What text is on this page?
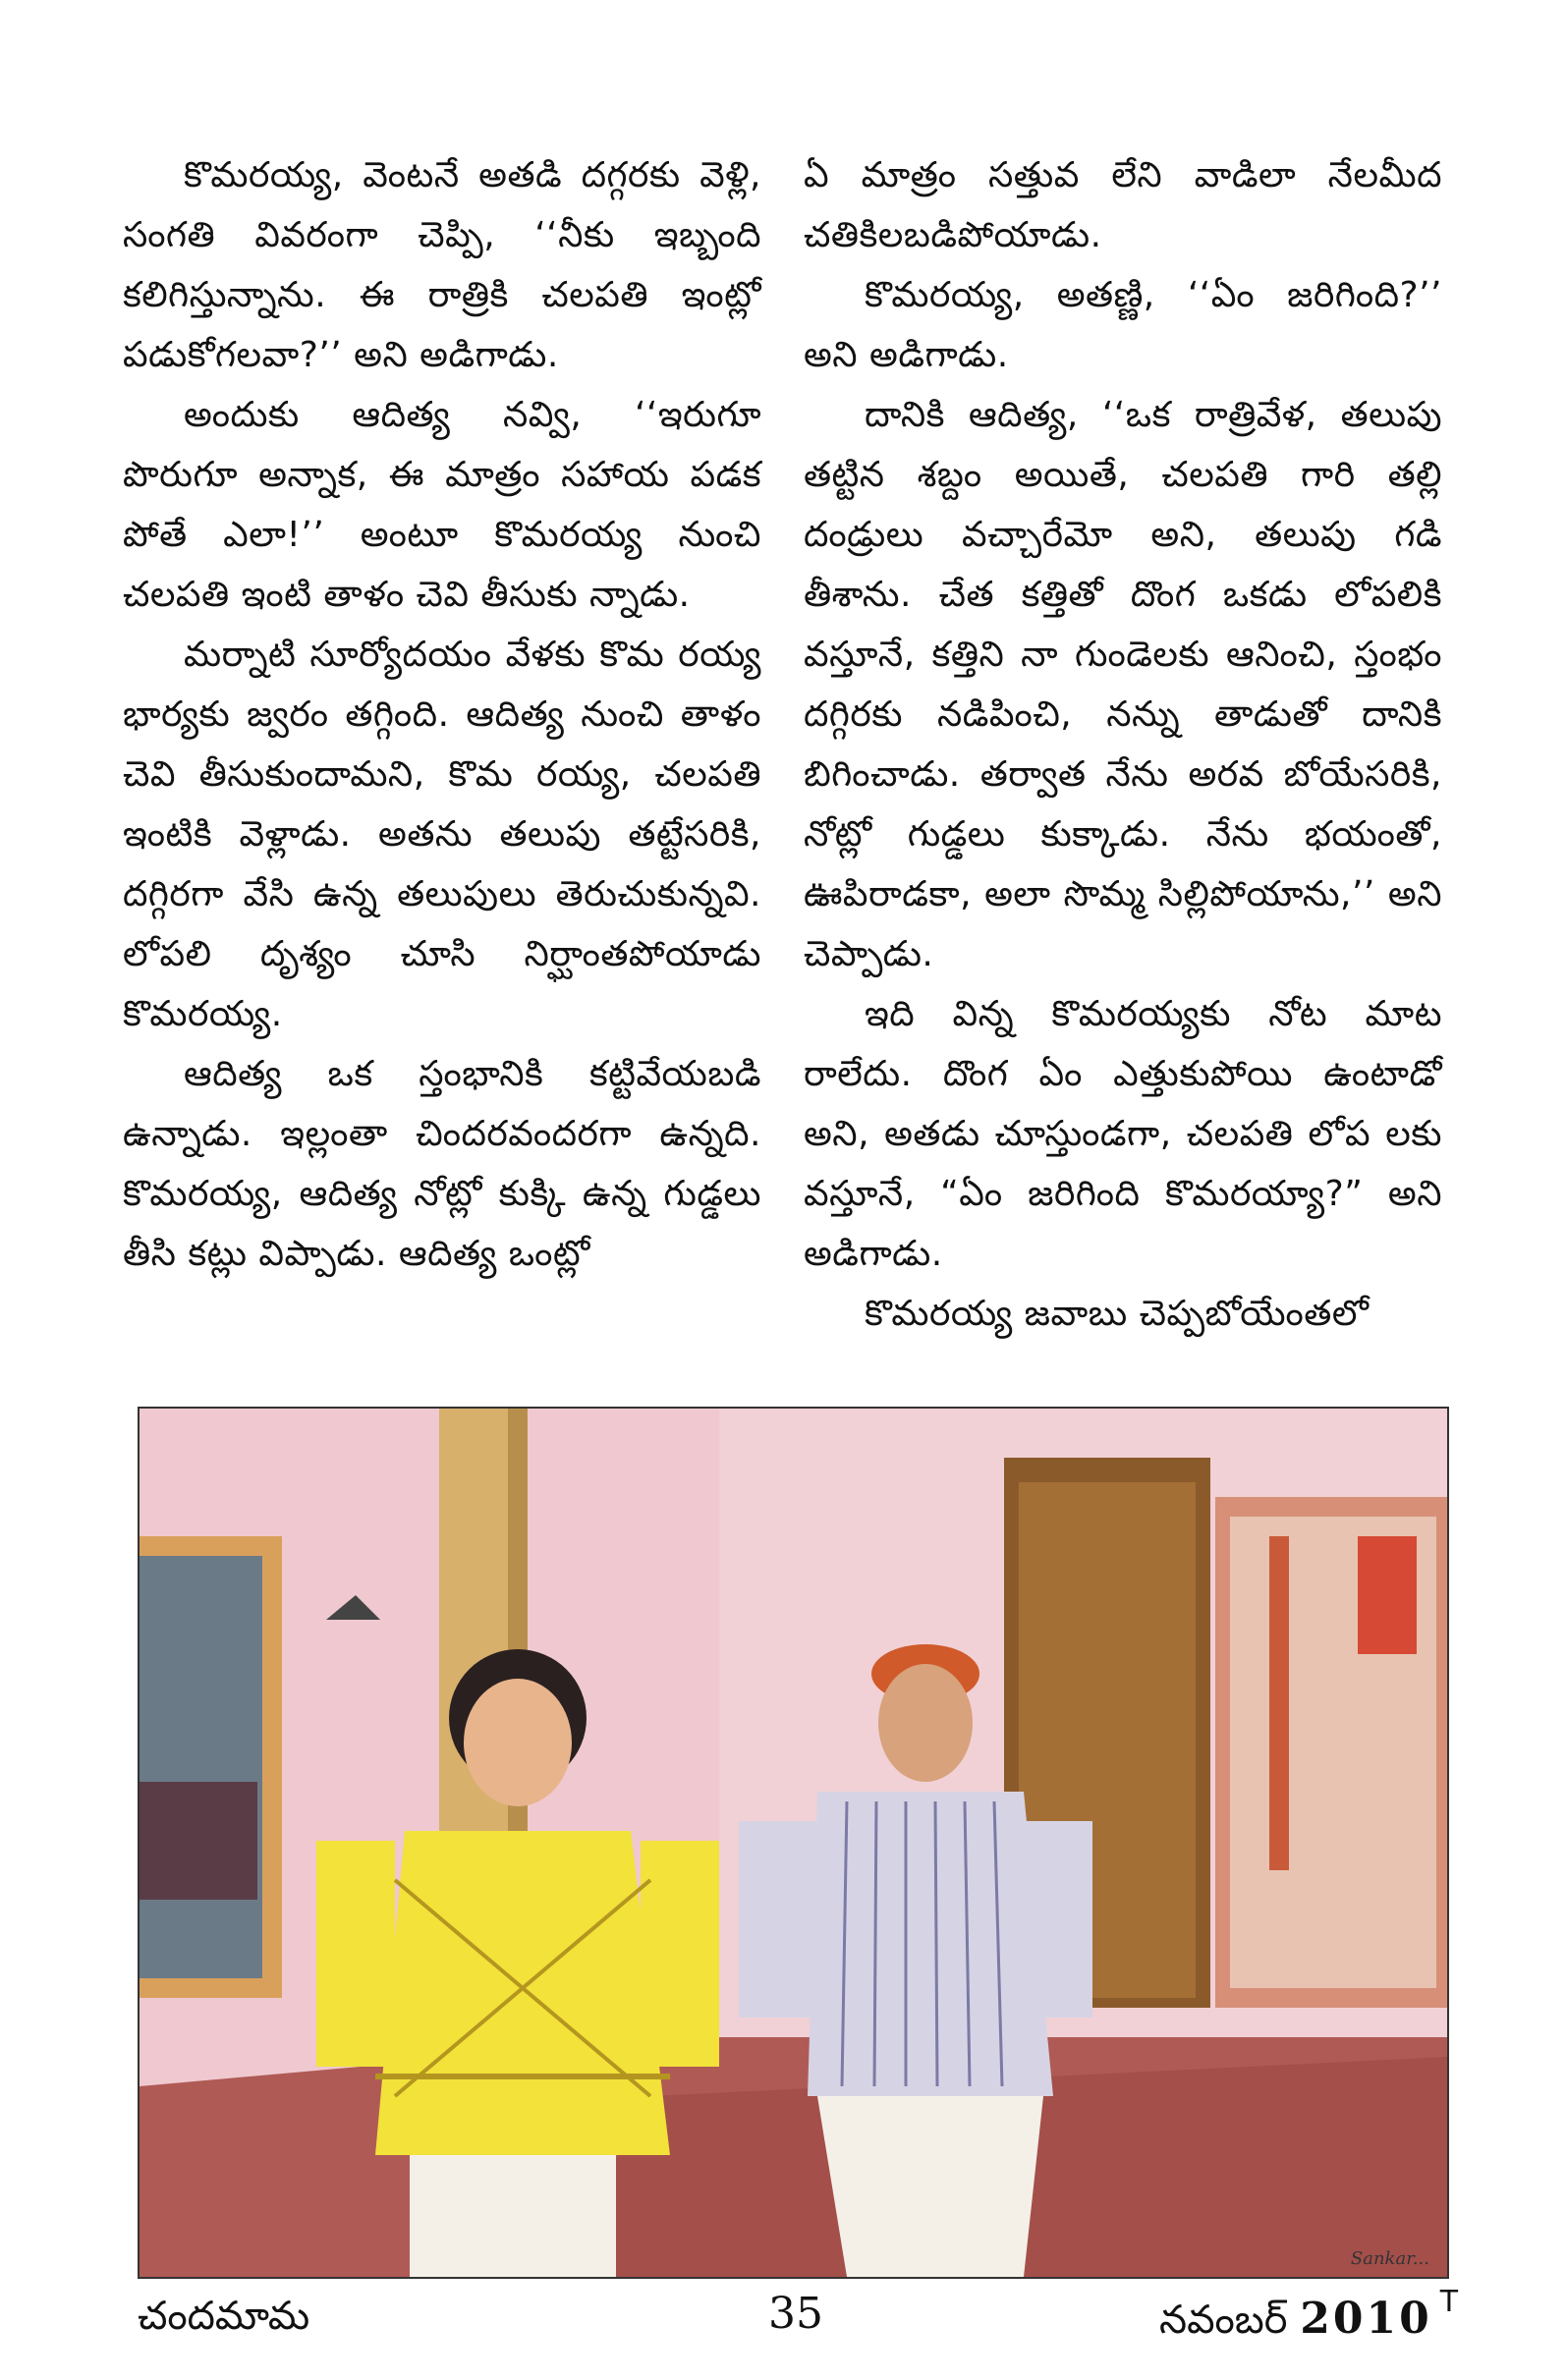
కొమరయ్య, వెంటనే అతడి దగ్గరకు వెళ్లి, సంగతి వివరంగా చెప్పి, ‘‘నీకు ఇబ్బంది కలిగిస్తున్నాను. ఈ రాత్రికి చలపతి ఇంట్లో పడుకోగలవా?’’ అని అడిగాడు.

అందుకు ఆదిత్య నవ్వి, ‘‘ఇరుగూ పొరుగూ అన్నాక, ఈ మాత్రం సహాయ పడక పోతే ఎలా!’’ అంటూ కొమరయ్య నుంచి చలపతి ఇంటి తాళం చెవి తీసుకు న్నాడు.

మర్నాటి సూర్యోదయం వేళకు కొమ రయ్య భార్యకు జ్వరం తగ్గింది. ఆదిత్య నుంచి తాళం చెవి తీసుకుందామని, కొమ రయ్య, చలపతి ఇంటికి వెళ్లాడు. అతను తలుపు తట్టేసరికి, దగ్గిరగా వేసి ఉన్న తలుపులు తెరుచుకున్నవి. లోపలి దృశ్యం చూసి నిర్ఘాంతపోయాడు కొమరయ్య.

ఆదిత్య ఒక స్తంభానికి కట్టివేయబడి ఉన్నాడు. ఇల్లంతా చిందరవందరగా ఉన్నది. కొమరయ్య, ఆదిత్య నోట్లో కుక్కి ఉన్న గుడ్డలు తీసి కట్లు విప్పాడు. ఆదిత్య ఒంట్లో

ఏ మాత్రం సత్తువ లేని వాడిలా నేలమీద చతికిలబడిపోయాడు.

కొమరయ్య, అతణ్ణి, ‘‘ఏం జరిగింది?’’ అని అడిగాడు.

దానికి ఆదిత్య, ‘‘ఒక రాత్రివేళ, తలుపు తట్టిన శబ్దం అయితే, చలపతి గారి తల్లి దండ్రులు వచ్చారేమో అని, తలుపు గడి తీశాను. చేత కత్తితో దొంగ ఒకడు లోపలికి వస్తూనే, కత్తిని నా గుండెలకు ఆనించి, స్తంభం దగ్గిరకు నడిపించి, నన్ను తాడుతో దానికి బిగించాడు. తర్వాత నేను అరవ బోయేసరికి, నోట్లో గుడ్డలు కుక్కాడు. నేను భయంతో, ఊపిరాడకా, అలా సొమ్మ సిల్లిపోయాను,’’ అని చెప్పాడు.

ఇది విన్న కొమరయ్యకు నోట మాట రాలేదు. దొంగ ఏం ఎత్తుకుపోయి ఉంటాడో అని, అతడు చూస్తుండగా, చలపతి లోప లకు వస్తూనే, “ఏం జరిగింది కొమరయ్యా?” అని అడిగాడు.

కొమరయ్య జవాబు చెప్పబోయేంతలో

Sankar...
చందమామ	35	నవంబర్ 2010 $^T$
